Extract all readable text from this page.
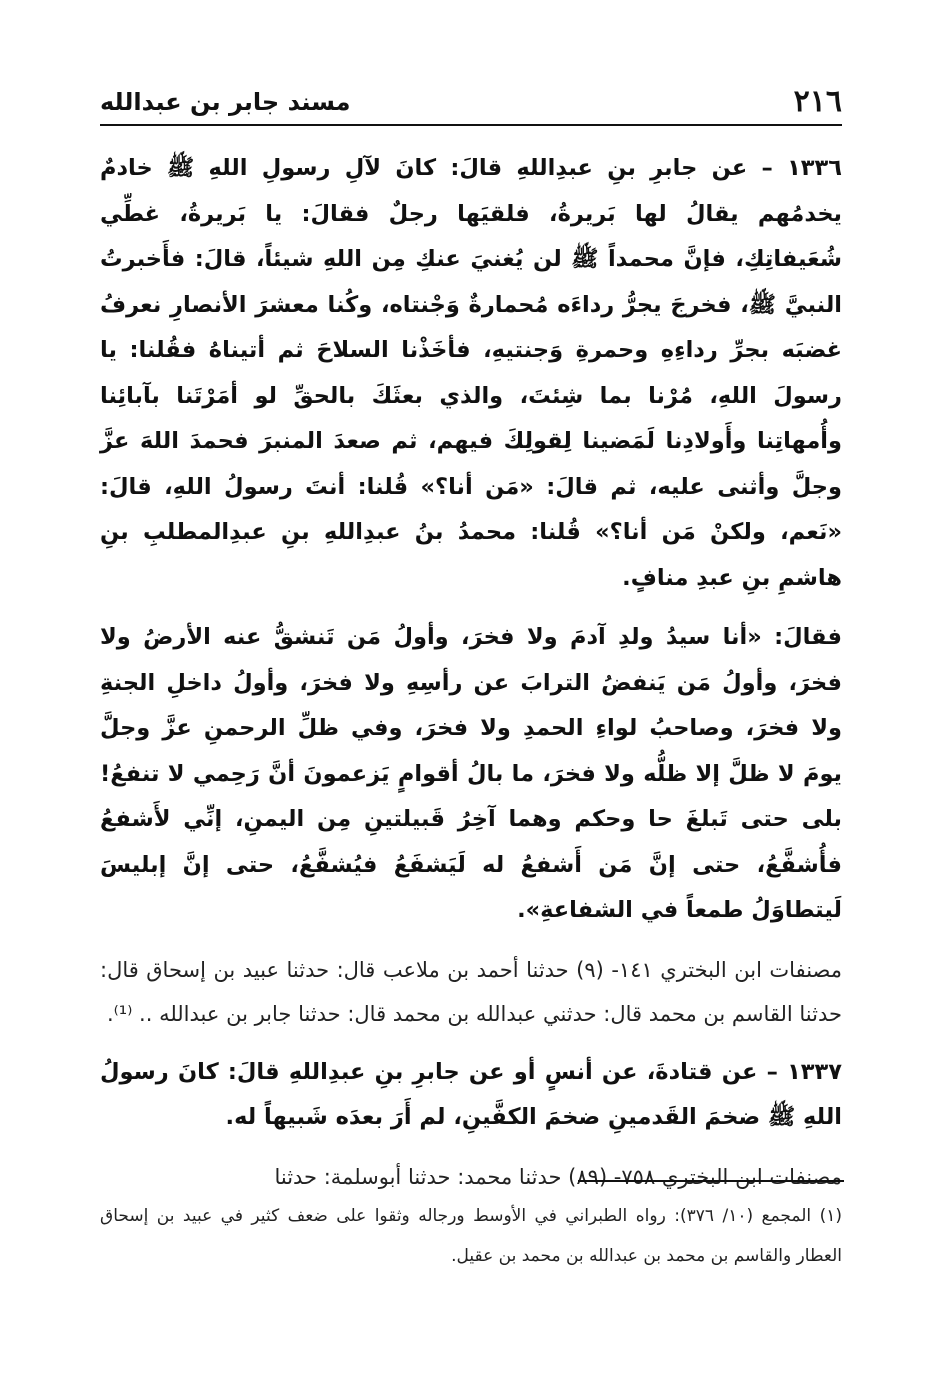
٢١٦
مسند جابر بن عبدالله

١٣٣٦ – عن جابرِ بنِ عبدِاللهِ قالَ: كانَ لآلِ رسولِ اللهِ ﷺ خادمٌ يخدمُهم يقالُ لها بَريرةُ، فلقيَها رجلٌ فقالَ: يا بَريرةُ، غطِّي شُعَيفاتِكِ، فإنَّ محمداً ﷺ لن يُغنيَ عنكِ مِن اللهِ شيئاً، قالَ: فأَخبرتُ النبيَّ ﷺ، فخرجَ يجرُّ رداءَه مُحمارةٌ وَجْنتاه، وكُنا معشرَ الأنصارِ نعرفُ غضبَه بجرِّ رداءِهِ وحمرةِ وَجنتيهِ، فأخَذْنا السلاحَ ثم أتيناهُ فقُلنا: يا رسولَ اللهِ، مُرْنا بما شِئتَ، والذي بعثَكَ بالحقِّ لو أمَرْتَنا بآبائِنا وأُمهاتِنا وأَولادِنا لَمَضينا لِقولِكَ فيهم، ثم صعدَ المنبرَ فحمدَ اللهَ عزَّ وجلَّ وأثنى عليه، ثم قالَ: «مَن أنا؟» قُلنا: أنتَ رسولُ اللهِ، قالَ: «نَعم، ولكنْ مَن أنا؟» قُلنا: محمدُ بنُ عبدِاللهِ بنِ عبدِالمطلبِ بنِ هاشمِ بنِ عبدِ منافٍ.

فقالَ: «أنا سيدُ ولدِ آدمَ ولا فخرَ، وأولُ مَن تَنشقُّ عنه الأرضُ ولا فخرَ، وأولُ مَن يَنفضُ الترابَ عن رأسِهِ ولا فخرَ، وأولُ داخلِ الجنةِ ولا فخرَ، وصاحبُ لواءِ الحمدِ ولا فخرَ، وفي ظلِّ الرحمنِ عزَّ وجلَّ يومَ لا ظلَّ إلا ظلُّه ولا فخرَ، ما بالُ أقوامٍ يَزعمونَ أنَّ رَحِمي لا تنفعُ! بلى حتى تَبلغَ حا وحكم وهما آخِرُ قَبيلتينِ مِن اليمنِ، إنِّي لأَشفعُ فأُشفَّعُ، حتى إنَّ مَن أَشفعُ له لَيَشفَعُ فيُشفَّعُ، حتى إنَّ إبليسَ لَيتطاوَلُ طمعاً في الشفاعةِ».

مصنفات ابن البختري ١٤١- (٩) حدثنا أحمد بن ملاعب قال: حدثنا عبيد بن إسحاق قال: حدثنا القاسم بن محمد قال: حدثني عبدالله بن محمد قال: حدثنا جابر بن عبدالله .. ⁽¹⁾.

١٣٣٧ – عن قتادةَ، عن أنسٍ أو عن جابرِ بنِ عبدِاللهِ قالَ: كانَ رسولُ اللهِ ﷺ ضخمَ القَدمينِ ضخمَ الكفَّينِ، لم أَرَ بعدَه شَبيهاً له.

مصنفات ابن البختري ٧٥٨- (٨٩) حدثنا محمد: حدثنا أبوسلمة: حدثنا

(١) المجمع (١٠/ ٣٧٦): رواه الطبراني في الأوسط ورجاله وثقوا على ضعف كثير في عبيد بن إسحاق العطار والقاسم بن محمد بن عبدالله بن محمد بن عقيل.
